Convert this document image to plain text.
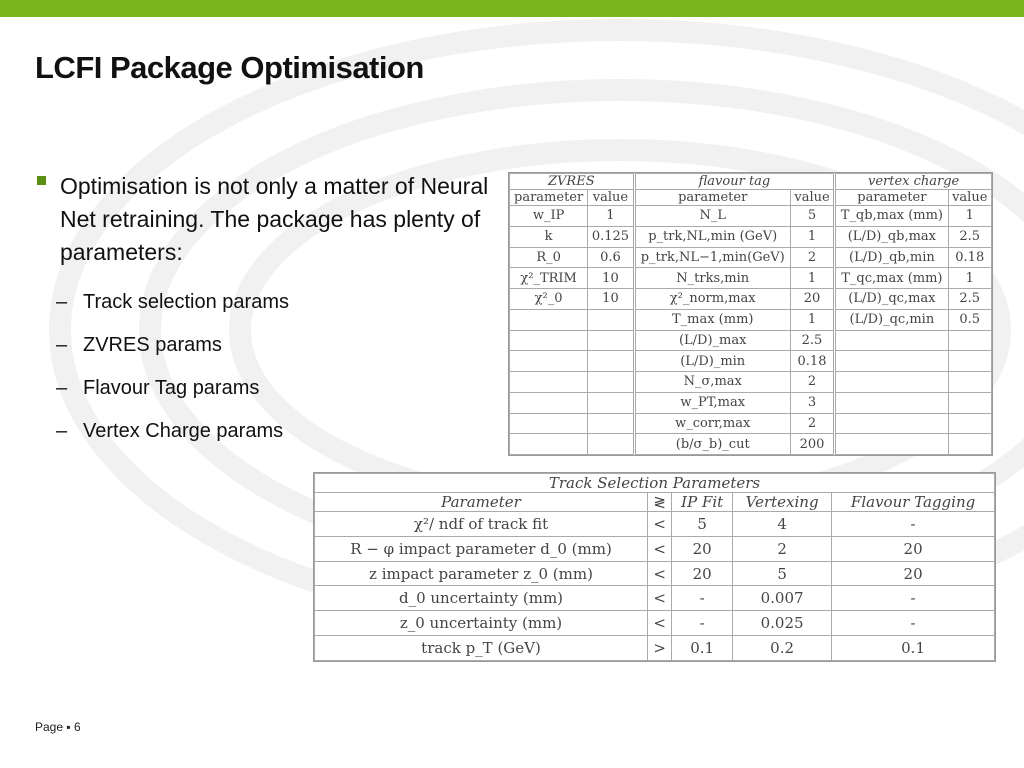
LCFI Package Optimisation
Optimisation is not only a matter of Neural Net retraining. The package has plenty of parameters:
– Track selection params
– ZVRES params
– Flavour Tag params
– Vertex Charge params
ZVRES		flavour tag		vertex charge	
parameter	value	parameter	value	parameter	value
w_IP	1	N_L	5	T_qb,max (mm)	1
k	0.125	p_trk,NL,min (GeV)	1	(L/D)_qb,max	2.5
R_0	0.6	p_trk,NL−1,min(GeV)	2	(L/D)_qb,min	0.18
χ²_TRIM	10	N_trks,min	1	T_qc,max (mm)	1
χ²_0	10	χ²_norm,max	20	(L/D)_qc,max	2.5
		T_max (mm)	1	(L/D)_qc,min	0.5
		(L/D)_max	2.5		
		(L/D)_min	0.18		
		N_σ,max	2		
		w_PT,max	3		
		w_corr,max	2		
		(b/σ_b)_cut	200		
Track Selection Parameters				
Parameter	≷	IP Fit	Vertexing	Flavour Tagging
χ²/ ndf of track fit	<	5	4	-
R − φ impact parameter d_0 (mm)	<	20	2	20
z impact parameter z_0 (mm)	<	20	5	20
d_0 uncertainty (mm)	<	-	0.007	-
z_0 uncertainty (mm)	<	-	0.025	-
track p_T (GeV)	>	0.1	0.2	0.1
Page ▪ 6
